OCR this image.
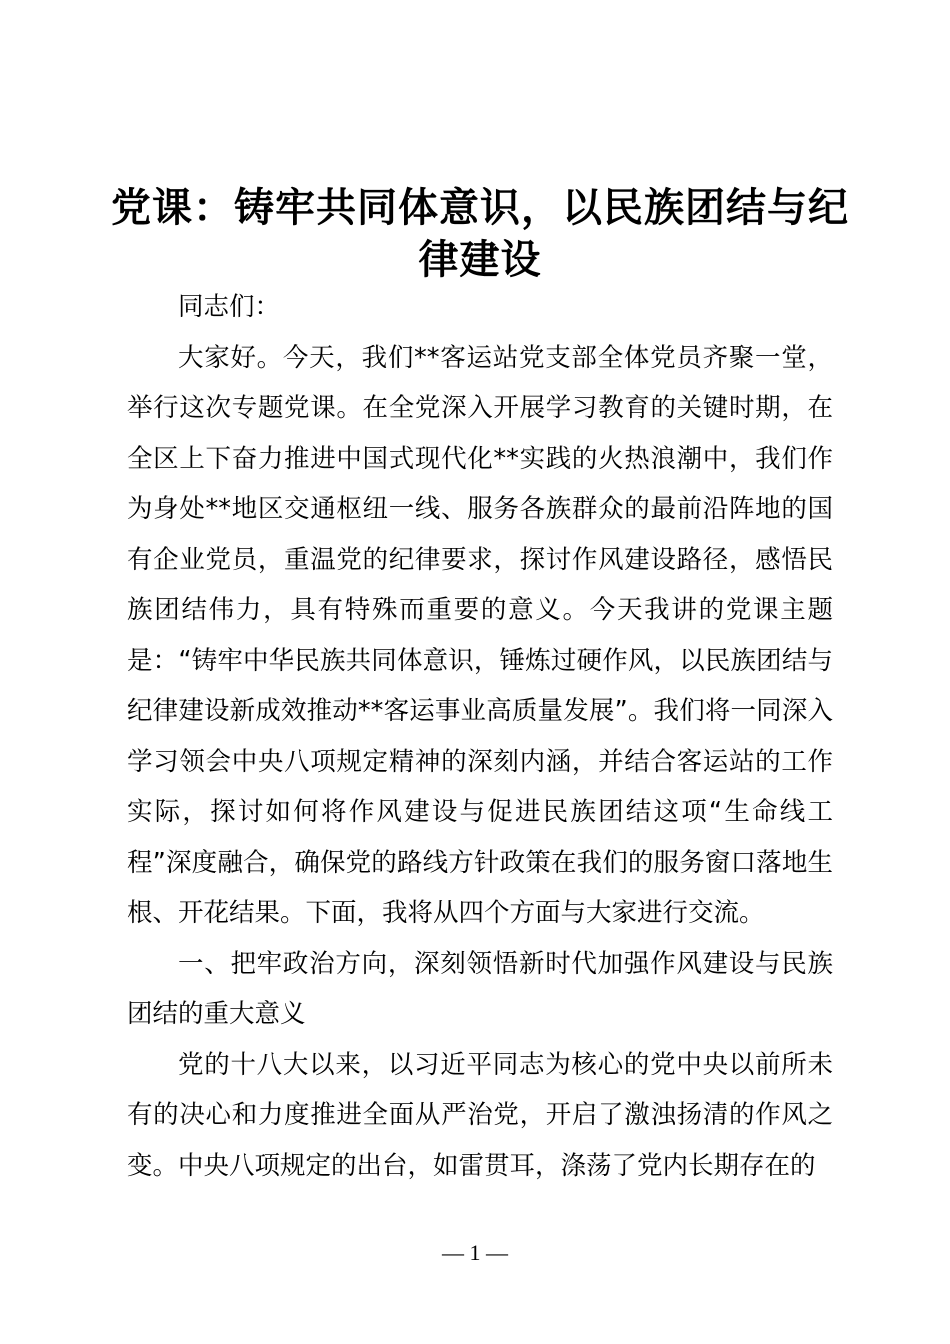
党课：铸牢共同体意识，以民族团结与纪律建设

同志们：

大家好。今天，我们**客运站党支部全体党员齐聚一堂，举行这次专题党课。在全党深入开展学习教育的关键时期，在全区上下奋力推进中国式现代化**实践的火热浪潮中，我们作为身处**地区交通枢纽一线、服务各族群众的最前沿阵地的国有企业党员，重温党的纪律要求，探讨作风建设路径，感悟民族团结伟力，具有特殊而重要的意义。今天我讲的党课主题是：“铸牢中华民族共同体意识，锤炼过硬作风，以民族团结与纪律建设新成效推动**客运事业高质量发展”。我们将一同深入学习领会中央八项规定精神的深刻内涵，并结合客运站的工作实际，探讨如何将作风建设与促进民族团结这项“生命线工程”深度融合，确保党的路线方针政策在我们的服务窗口落地生根、开花结果。下面，我将从四个方面与大家进行交流。

一、把牢政治方向，深刻领悟新时代加强作风建设与民族团结的重大意义

党的十八大以来，以习近平同志为核心的党中央以前所未有的决心和力度推进全面从严治党，开启了激浊扬清的作风之变。中央八项规定的出台，如雷贯耳，涤荡了党内长期存在的

— 1 —
